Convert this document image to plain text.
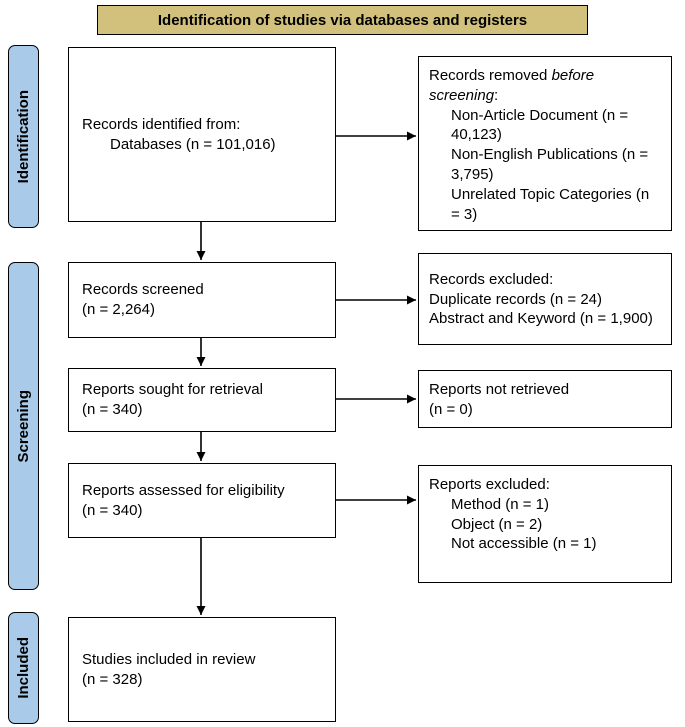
Identification of studies via databases and registers
Identification
Screening
Included
Records identified from:
Databases (n = 101,016)
Records screened
(n = 2,264)
Reports sought for retrieval
(n = 340)
Reports assessed for eligibility
(n = 340)
Studies included in review
(n = 328)
Records removed before screening:
Non-Article Document (n = 40,123)
Non-English Publications (n = 3,795)
Unrelated Topic Categories (n = 3)
Records excluded:
Duplicate records (n = 24)
Abstract and Keyword (n = 1,900)
Reports not retrieved
(n = 0)
Reports excluded:
Method (n = 1)
Object (n = 2)
Not accessible (n = 1)
